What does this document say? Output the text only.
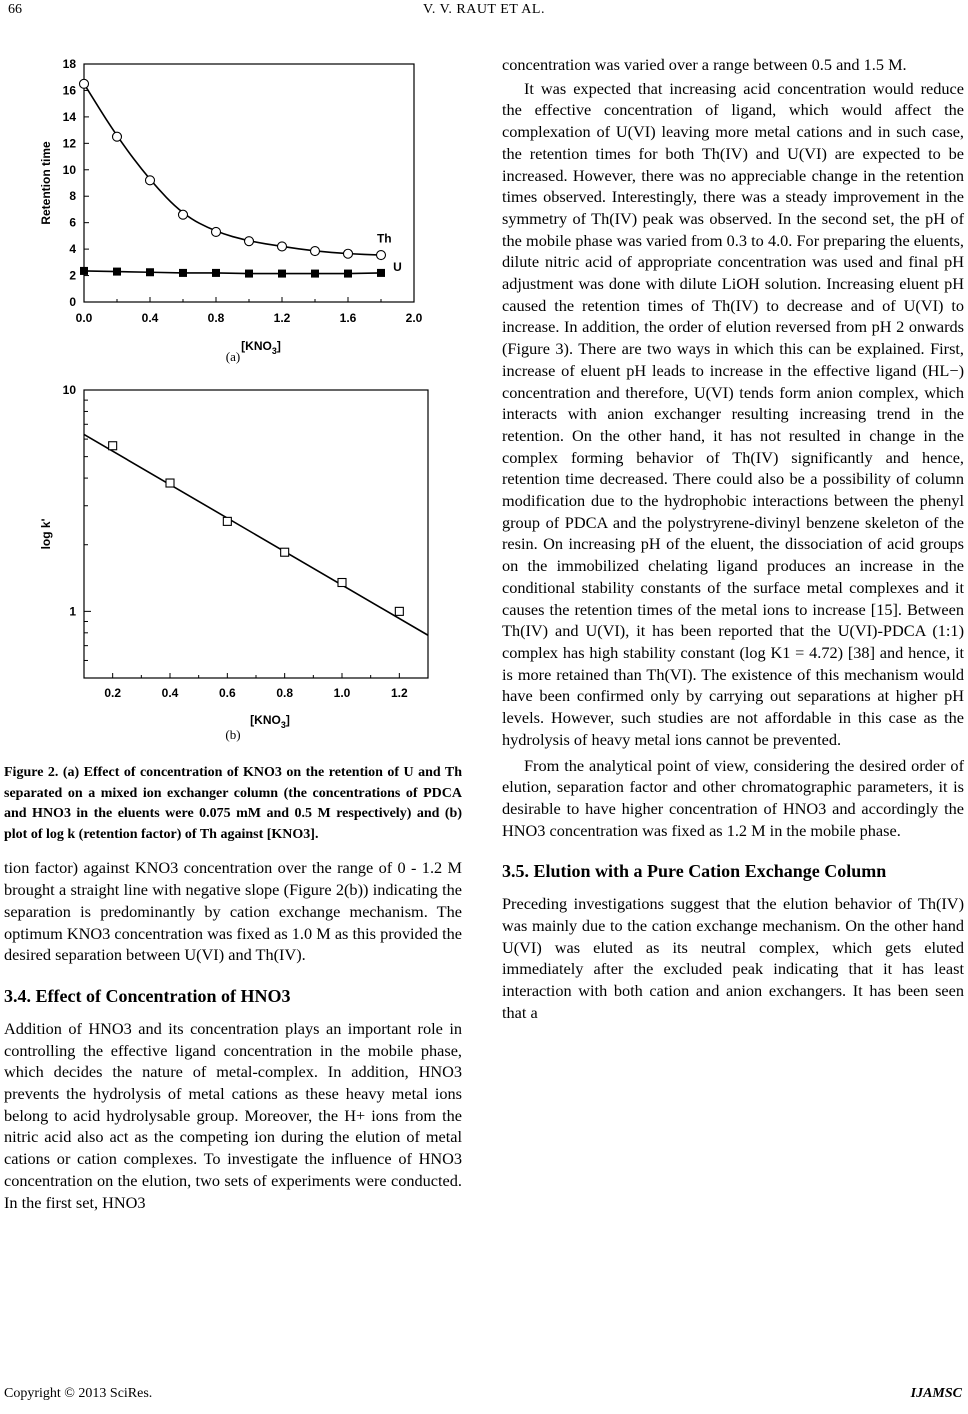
66	V. V. RAUT ET AL.
0
2
4
6
8
10
12
14
16
18
0.0	0.4	0.8	1.2	1.6	2.0
Retention time
$[KNO_3]$
Th
U
(a)
1
10
0.2	0.4	0.6	0.8	1.0	1.2
log k'
$[KNO_3]$
(b)

Figure 2. (a) Effect of concentration of KNO3 on the retention of U and Th separated on a mixed ion exchanger column (the concentrations of PDCA and HNO3 in the eluents were 0.075 mM and 0.5 M respectively) and (b) plot of log k (retention factor) of Th against [KNO3].

tion factor) against KNO3 concentration over the range of 0 - 1.2 M brought a straight line with negative slope (Figure 2(b)) indicating the separation is predominantly by cation exchange mechanism. The optimum KNO3 concentration was fixed as 1.0 M as this provided the desired separation between U(VI) and Th(IV).

3.4. Effect of Concentration of HNO3

Addition of HNO3 and its concentration plays an important role in controlling the effective ligand concentration in the mobile phase, which decides the nature of metal-complex. In addition, HNO3 prevents the hydrolysis of metal cations as these heavy metal ions belong to acid hydrolysable group. Moreover, the H+ ions from the nitric acid also act as the competing ion during the elution of metal cations or cation complexes. To investigate the influence of HNO3 concentration on the elution, two sets of experiments were conducted. In the first set, HNO3

concentration was varied over a range between 0.5 and 1.5 M.

It was expected that increasing acid concentration would reduce the effective concentration of ligand, which would affect the complexation of U(VI) leaving more metal cations and in such case, the retention times for both Th(IV) and U(VI) are expected to be increased. However, there was no appreciable change in the retention times observed. Interestingly, there was a steady improvement in the symmetry of Th(IV) peak was observed. In the second set, the pH of the mobile phase was varied from 0.3 to 4.0. For preparing the eluents, dilute nitric acid of appropriate concentration was used and final pH adjustment was done with dilute LiOH solution. Increasing eluent pH caused the retention times of Th(IV) to decrease and of U(VI) to increase. In addition, the order of elution reversed from pH 2 onwards (Figure 3). There are two ways in which this can be explained. First, increase of eluent pH leads to increase in the effective ligand (HL−) concentration and therefore, U(VI) tends form anion complex, which interacts with anion exchanger resulting increasing trend in the retention. On the other hand, it has not resulted in change in the complex forming behavior of Th(IV) significantly and hence, retention time decreased. There could also be a possibility of column modification due to the hydrophobic interactions between the phenyl group of PDCA and the polystryrene-divinyl benzene skeleton of the resin. On increasing pH of the eluent, the dissociation of acid groups on the immobilized chelating ligand produces an increase in the conditional stability constants of the surface metal complexes and it causes the retention times of the metal ions to increase [15]. Between Th(IV) and U(VI), it has been reported that the U(VI)-PDCA (1:1) complex has high stability constant (log K1 = 4.72) [38] and hence, it is more retained than Th(VI). The existence of this mechanism would have been confirmed only by carrying out separations at higher pH levels. However, such studies are not affordable in this case as the hydrolysis of heavy metal ions cannot be prevented.

From the analytical point of view, considering the desired order of elution, separation factor and other chromatographic parameters, it is desirable to have higher concentration of HNO3 and accordingly the HNO3 concentration was fixed as 1.2 M in the mobile phase.

3.5. Elution with a Pure Cation Exchange Column

Preceding investigations suggest that the elution behavior of Th(IV) was mainly due to the cation exchange mechanism. On the other hand U(VI) was eluted as its neutral complex, which gets eluted immediately after the excluded peak indicating that it has least interaction with both cation and anion exchangers. It has been seen that a

Copyright © 2013 SciRes.	IJAMSC
